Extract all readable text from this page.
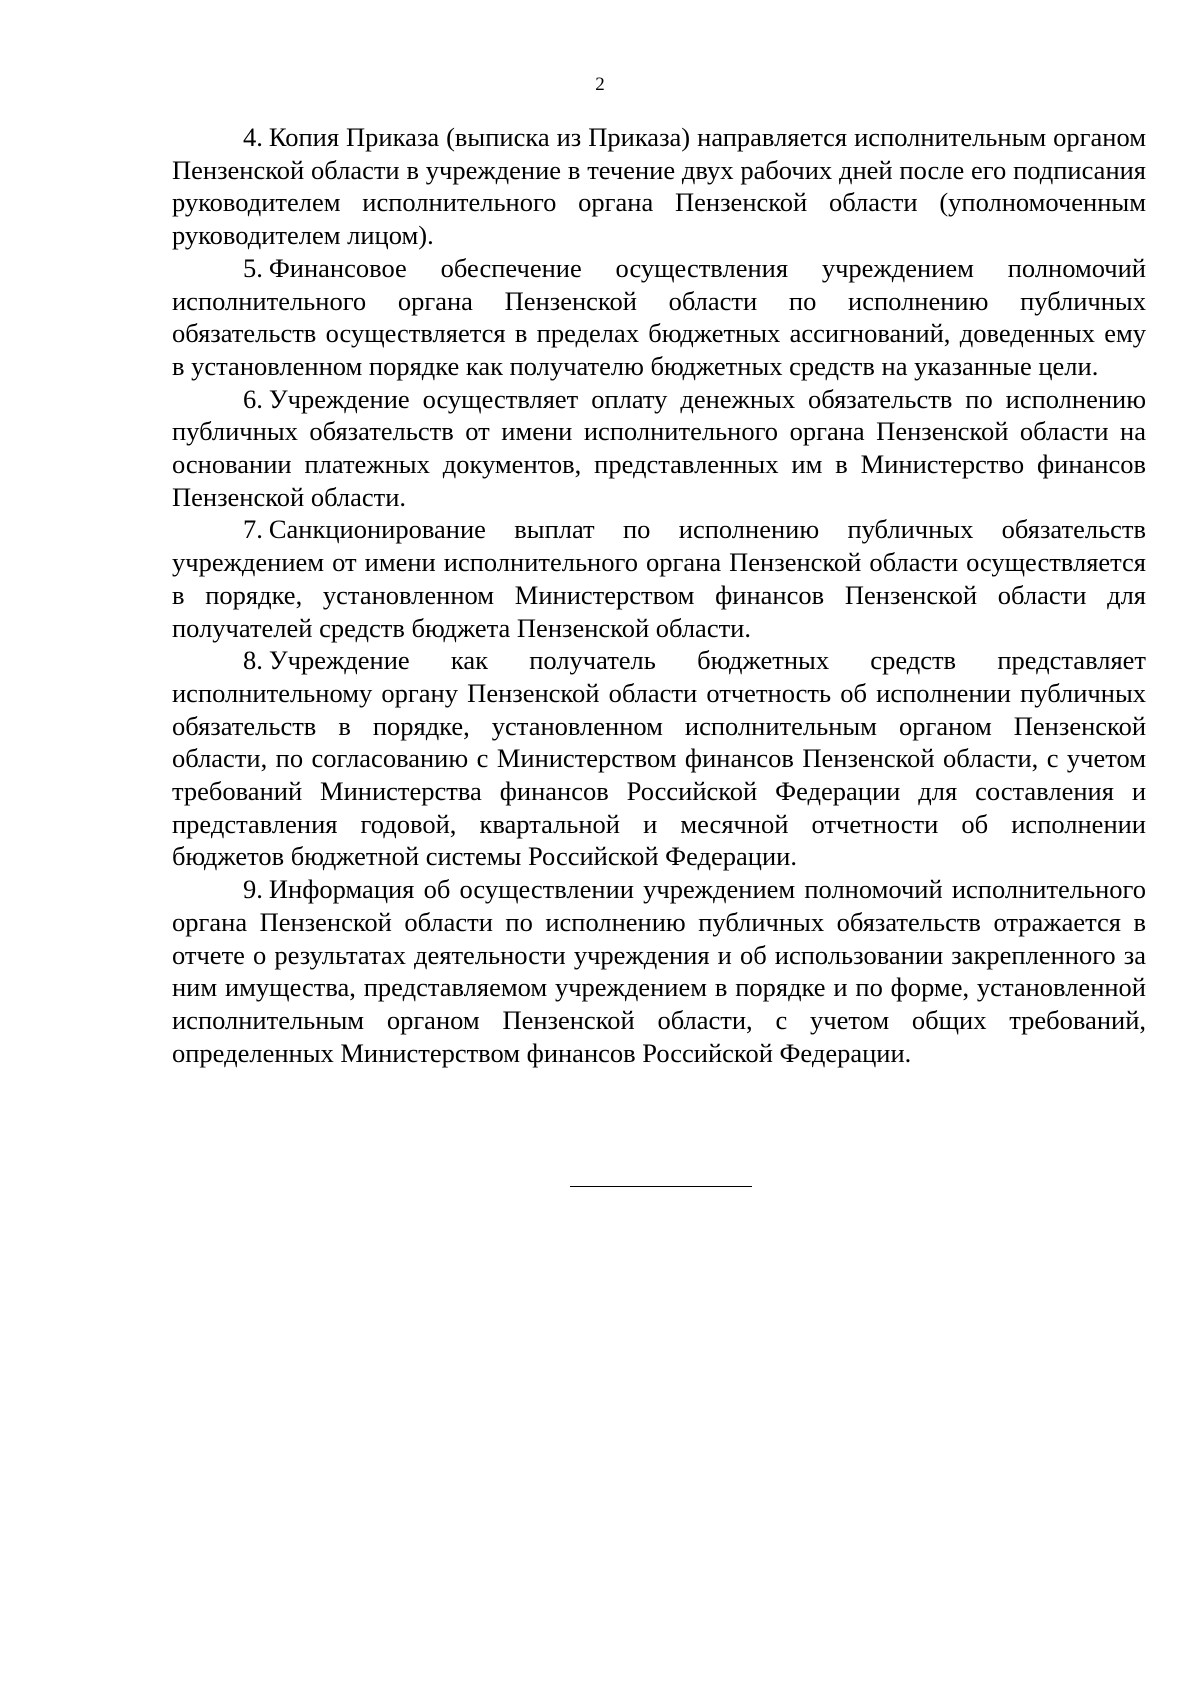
2

4. Копия Приказа (выписка из Приказа) направляется исполнительным органом Пензенской области в учреждение в течение двух рабочих дней после его подписания руководителем исполнительного органа Пензенской области (уполномоченным руководителем лицом).

5. Финансовое обеспечение осуществления учреждением полномочий исполнительного органа Пензенской области по исполнению публичных обязательств осуществляется в пределах бюджетных ассигнований, доведенных ему в установленном порядке как получателю бюджетных средств на указанные цели.

6. Учреждение осуществляет оплату денежных обязательств по исполнению публичных обязательств от имени исполнительного органа Пензенской области на основании платежных документов, представленных им в Министерство финансов Пензенской области.

7. Санкционирование выплат по исполнению публичных обязательств учреждением от имени исполнительного органа Пензенской области осуществляется в порядке, установленном Министерством финансов Пензенской области для получателей средств бюджета Пензенской области.

8. Учреждение как получатель бюджетных средств представляет исполнительному органу Пензенской области отчетность об исполнении публичных обязательств в порядке, установленном исполнительным органом Пензенской области, по согласованию с Министерством финансов Пензенской области, с учетом требований Министерства финансов Российской Федерации для составления и представления годовой, квартальной и месячной отчетности об исполнении бюджетов бюджетной системы Российской Федерации.

9. Информация об осуществлении учреждением полномочий исполнительного органа Пензенской области по исполнению публичных обязательств отражается в отчете о результатах деятельности учреждения и об использовании закрепленного за ним имущества, представляемом учреждением в порядке и по форме, установленной исполнительным органом Пензенской области, с учетом общих требований, определенных Министерством финансов Российской Федерации.
